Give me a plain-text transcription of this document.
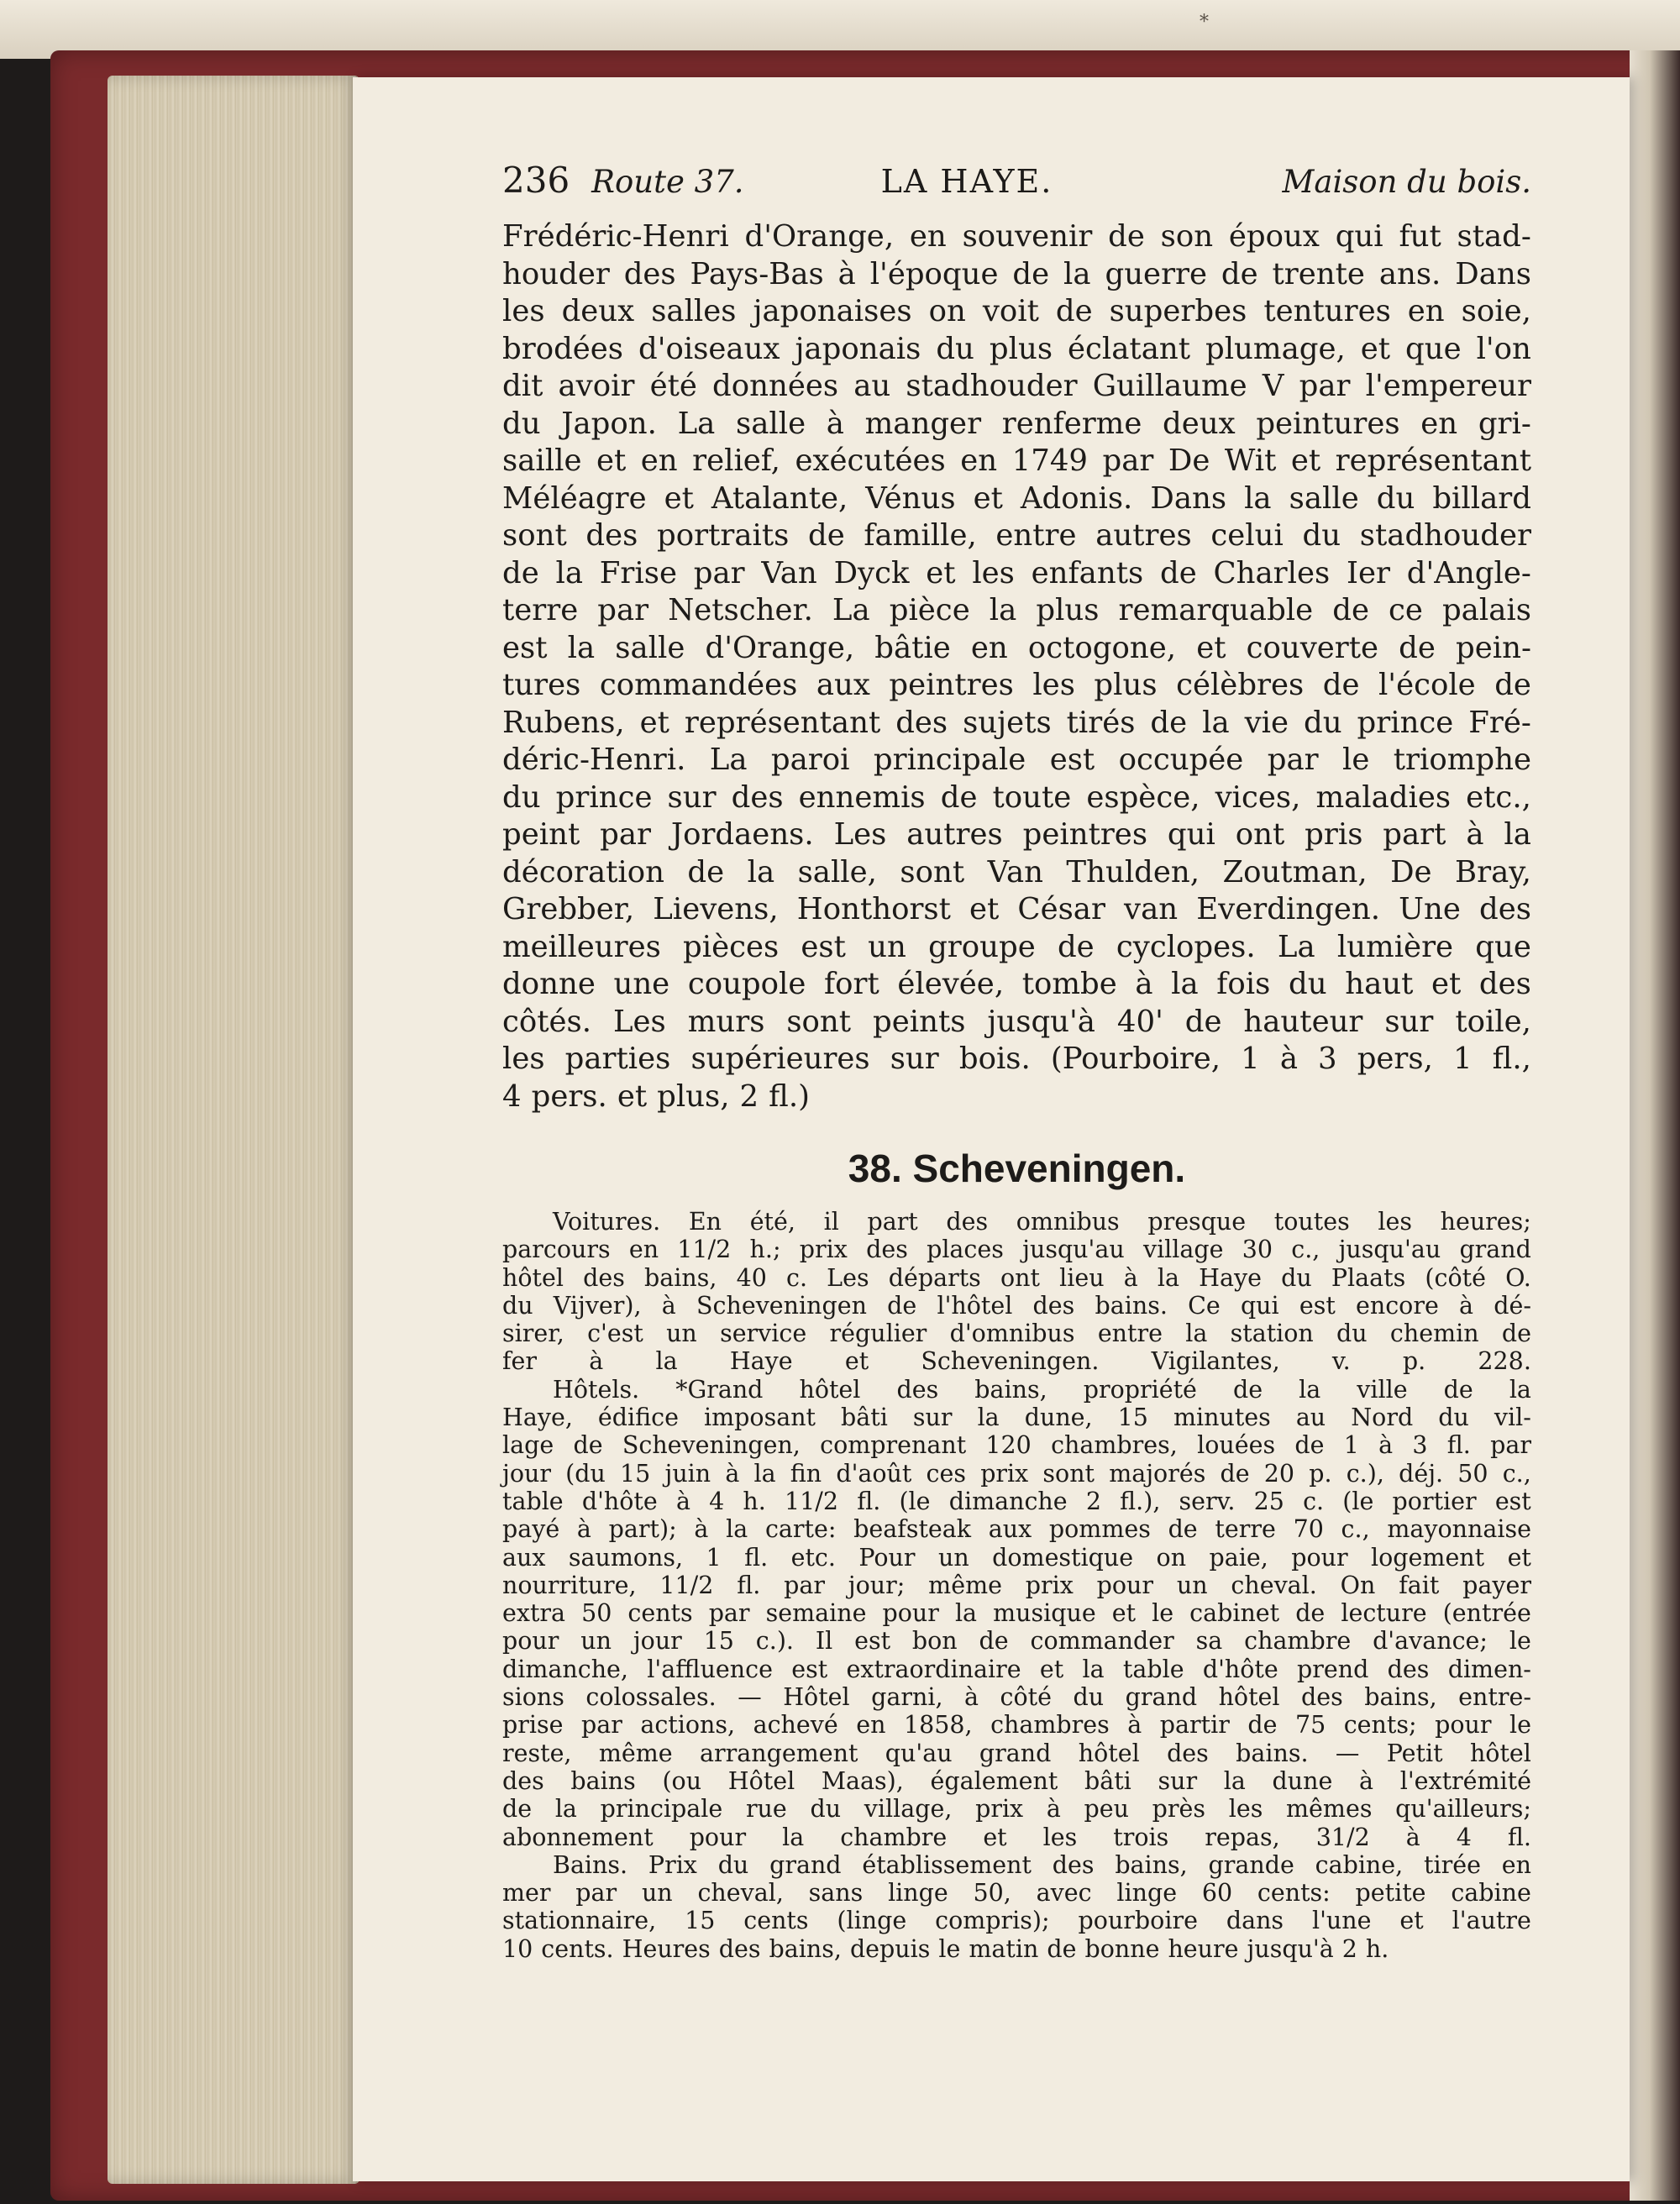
*
236 Route 37.	LA HAYE.	Maison du bois.
Frédéric-Henri d'Orange, en souvenir de son époux qui fut stad-
houder des Pays-Bas à l'époque de la guerre de trente ans. Dans
les deux salles japonaises on voit de superbes tentures en soie,
brodées d'oiseaux japonais du plus éclatant plumage, et que l'on
dit avoir été données au stadhouder Guillaume V par l'empereur
du Japon. La salle à manger renferme deux peintures en gri-
saille et en relief, exécutées en 1749 par De Wit et représentant
Méléagre et Atalante, Vénus et Adonis. Dans la salle du billard
sont des portraits de famille, entre autres celui du stadhouder
de la Frise par Van Dyck et les enfants de Charles Ier d'Angle-
terre par Netscher. La pièce la plus remarquable de ce palais
est la salle d'Orange, bâtie en octogone, et couverte de pein-
tures commandées aux peintres les plus célèbres de l'école de
Rubens, et représentant des sujets tirés de la vie du prince Fré-
déric-Henri. La paroi principale est occupée par le triomphe
du prince sur des ennemis de toute espèce, vices, maladies etc.,
peint par Jordaens. Les autres peintres qui ont pris part à la
décoration de la salle, sont Van Thulden, Zoutman, De Bray,
Grebber, Lievens, Honthorst et César van Everdingen. Une des
meilleures pièces est un groupe de cyclopes. La lumière que
donne une coupole fort élevée, tombe à la fois du haut et des
côtés. Les murs sont peints jusqu'à 40' de hauteur sur toile,
les parties supérieures sur bois. (Pourboire, 1 à 3 pers, 1 fl.,
4 pers. et plus, 2 fl.)
38. Scheveningen.
Voitures. En été, il part des omnibus presque toutes les heures;
parcours en 11/2 h.; prix des places jusqu'au village 30 c., jusqu'au grand
hôtel des bains, 40 c. Les départs ont lieu à la Haye du Plaats (côté O.
du Vijver), à Scheveningen de l'hôtel des bains. Ce qui est encore à dé-
sirer, c'est un service régulier d'omnibus entre la station du chemin de
fer à la Haye et Scheveningen. Vigilantes, v. p. 228.
Hôtels. *Grand hôtel des bains, propriété de la ville de la
Haye, édifice imposant bâti sur la dune, 15 minutes au Nord du vil-
lage de Scheveningen, comprenant 120 chambres, louées de 1 à 3 fl. par
jour (du 15 juin à la fin d'août ces prix sont majorés de 20 p. c.), déj. 50 c.,
table d'hôte à 4 h. 11/2 fl. (le dimanche 2 fl.), serv. 25 c. (le portier est
payé à part); à la carte: beafsteak aux pommes de terre 70 c., mayonnaise
aux saumons, 1 fl. etc. Pour un domestique on paie, pour logement et
nourriture, 11/2 fl. par jour; même prix pour un cheval. On fait payer
extra 50 cents par semaine pour la musique et le cabinet de lecture (entrée
pour un jour 15 c.). Il est bon de commander sa chambre d'avance; le
dimanche, l'affluence est extraordinaire et la table d'hôte prend des dimen-
sions colossales. — Hôtel garni, à côté du grand hôtel des bains, entre-
prise par actions, achevé en 1858, chambres à partir de 75 cents; pour le
reste, même arrangement qu'au grand hôtel des bains. — Petit hôtel
des bains (ou Hôtel Maas), également bâti sur la dune à l'extrémité
de la principale rue du village, prix à peu près les mêmes qu'ailleurs;
abonnement pour la chambre et les trois repas, 31/2 à 4 fl.
Bains. Prix du grand établissement des bains, grande cabine, tirée en
mer par un cheval, sans linge 50, avec linge 60 cents: petite cabine
stationnaire, 15 cents (linge compris); pourboire dans l'une et l'autre
10 cents. Heures des bains, depuis le matin de bonne heure jusqu'à 2 h.
